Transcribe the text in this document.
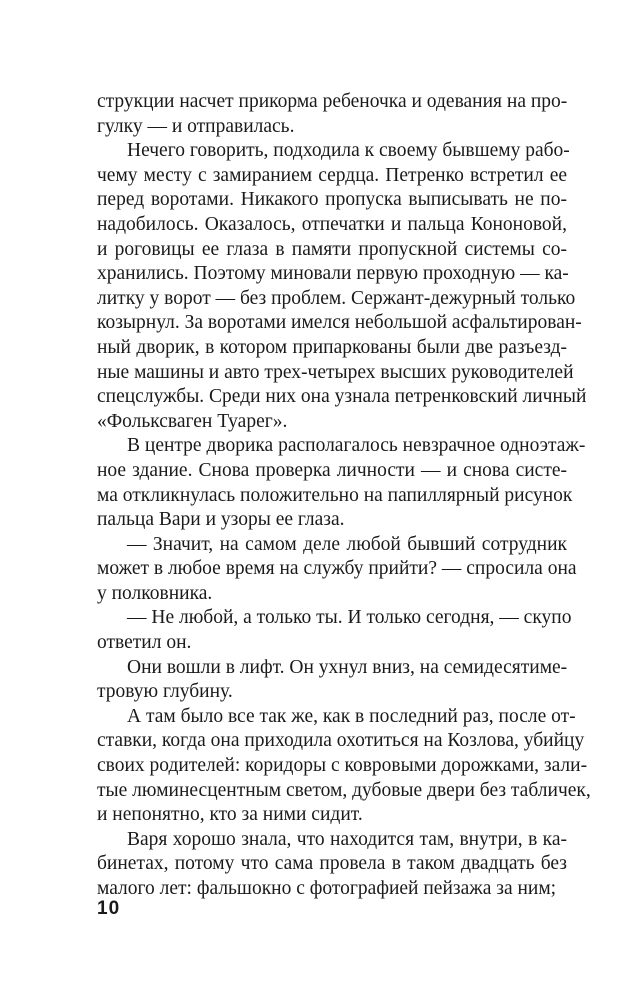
струкции насчет прикорма ребеночка и одевания на про-
гулку — и отправилась.
Нечего говорить, подходила к своему бывшему рабо-
чему месту с замиранием сердца. Петренко встретил ее
перед воротами. Никакого пропуска выписывать не по-
надобилось. Оказалось, отпечатки и пальца Кононовой,
и роговицы ее глаза в памяти пропускной системы со-
хранились. Поэтому миновали первую проходную — ка-
литку у ворот — без проблем. Сержант-дежурный только
козырнул. За воротами имелся небольшой асфальтирован-
ный дворик, в котором припаркованы были две разъезд-
ные машины и авто трех-четырех высших руководителей
спецслужбы. Среди них она узнала петренковский личный
«Фольксваген Туарег».
В центре дворика располагалось невзрачное одноэтаж-
ное здание. Снова проверка личности — и снова систе-
ма откликнулась положительно на папиллярный рисунок
пальца Вари и узоры ее глаза.
— Значит, на самом деле любой бывший сотрудник
может в любое время на службу прийти? — спросила она
у полковника.
— Не любой, а только ты. И только сегодня, — скупо
ответил он.
Они вошли в лифт. Он ухнул вниз, на семидесятиме-
тровую глубину.
А там было все так же, как в последний раз, после от-
ставки, когда она приходила охотиться на Козлова, убийцу
своих родителей: коридоры с ковровыми дорожками, зали-
тые люминесцентным светом, дубовые двери без табличек,
и непонятно, кто за ними сидит.
Варя хорошо знала, что находится там, внутри, в ка-
бинетах, потому что сама провела в таком двадцать без
малого лет: фальшокно с фотографией пейзажа за ним;
10
